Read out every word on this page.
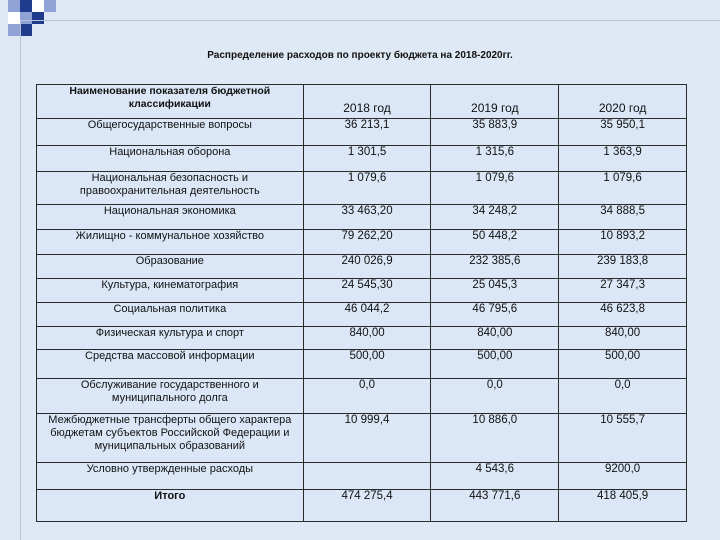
Распределение расходов по проекту бюджета на 2018-2020гг.
Наименование показателя бюджетной классификации	2018 год	2019 год	2020 год
Общегосударственные вопросы	36 213,1	35 883,9	35 950,1
Национальная оборона	1 301,5	1 315,6	1 363,9
Национальная безопасность и правоохранительная деятельность	1 079,6	1 079,6	1 079,6
Национальная экономика	33 463,20	34 248,2	34 888,5
Жилищно - коммунальное хозяйство	79 262,20	50 448,2	10 893,2
Образование	240 026,9	232 385,6	239 183,8
Культура, кинематография	24 545,30	25 045,3	27 347,3
Социальная политика	46 044,2	46 795,6	46 623,8
Физическая культура и спорт	840,00	840,00	840,00
Средства массовой информации	500,00	500,00	500,00
Обслуживание государственного и муниципального долга	0,0	0,0	0,0
Межбюджетные трансферты общего характера бюджетам субъектов Российской Федерации и муниципальных образований	10 999,4	10 886,0	10 555,7
Условно утвержденные расходы		4 543,6	9200,0
Итого	474 275,4	443 771,6	418 405,9
